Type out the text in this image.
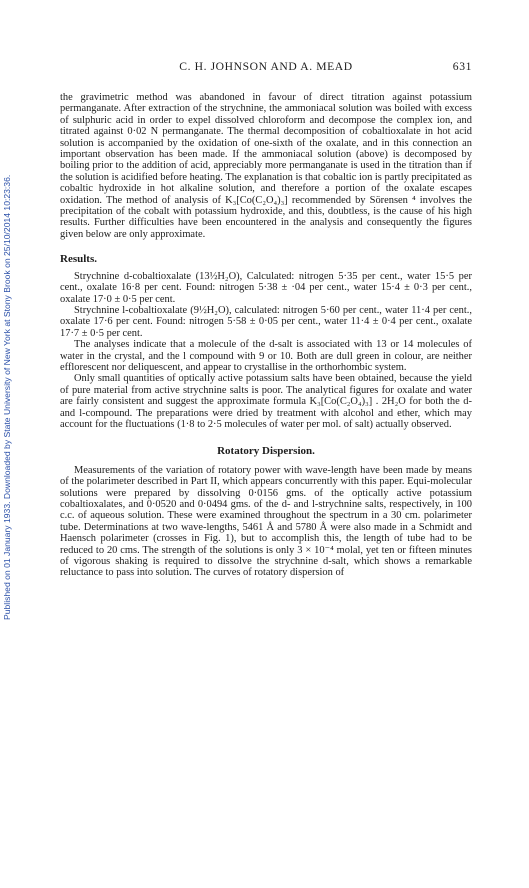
Published on 01 January 1933. Downloaded by State University of New York at Stony Brook on 25/10/2014 10:23:36.
C. H. JOHNSON AND A. MEAD	631

the gravimetric method was abandoned in favour of direct titration against potassium permanganate. After extraction of the strychnine, the ammoniacal solution was boiled with excess of sulphuric acid in order to expel dissolved chloroform and decompose the complex ion, and titrated against 0·02 N permanganate. The thermal decomposition of cobaltioxalate in hot acid solution is accompanied by the oxidation of one-sixth of the oxalate, and in this connection an important observation has been made. If the ammoniacal solution (above) is decomposed by boiling prior to the addition of acid, appreciably more permanganate is used in the titration than if the solution is acidified before heating. The explanation is that cobaltic ion is partly precipitated as cobaltic hydroxide in hot alkaline solution, and therefore a portion of the oxalate escapes oxidation. The method of analysis of K₃[Co(C₂O₄)₃] recommended by Sörensen ⁴ involves the precipitation of the cobalt with potassium hydroxide, and this, doubtless, is the cause of his high results. Further difficulties have been encountered in the analysis and consequently the figures given below are only approximate.

Results.

Strychnine d-cobaltioxalate (13½H₂O), Calculated: nitrogen 5·35 per cent., water 15·5 per cent., oxalate 16·8 per cent. Found: nitrogen 5·38 ± ·04 per cent., water 15·4 ± 0·3 per cent., oxalate 17·0 ± 0·5 per cent.

Strychnine l-cobaltioxalate (9½H₂O), calculated: nitrogen 5·60 per cent., water 11·4 per cent., oxalate 17·6 per cent. Found: nitrogen 5·58 ± 0·05 per cent., water 11·4 ± 0·4 per cent., oxalate 17·7 ± 0·5 per cent.

The analyses indicate that a molecule of the d-salt is associated with 13 or 14 molecules of water in the crystal, and the l compound with 9 or 10. Both are dull green in colour, are neither efflorescent nor deliquescent, and appear to crystallise in the orthorhombic system.

Only small quantities of optically active potassium salts have been obtained, because the yield of pure material from active strychnine salts is poor. The analytical figures for oxalate and water are fairly consistent and suggest the approximate formula K₃[Co(C₂O₄)₃] . 2H₂O for both the d- and l-compound. The preparations were dried by treatment with alcohol and ether, which may account for the fluctuations (1·8 to 2·5 molecules of water per mol. of salt) actually observed.

Rotatory Dispersion.

Measurements of the variation of rotatory power with wave-length have been made by means of the polarimeter described in Part II, which appears concurrently with this paper. Equi-molecular solutions were prepared by dissolving 0·0156 gms. of the optically active potassium cobaltioxalates, and 0·0520 and 0·0494 gms. of the d- and l-strychnine salts, respectively, in 100 c.c. of aqueous solution. These were examined throughout the spectrum in a 30 cm. polarimeter tube. Determinations at two wave-lengths, 5461 Å and 5780 Å were also made in a Schmidt and Haensch polarimeter (crosses in Fig. 1), but to accomplish this, the length of tube had to be reduced to 20 cms. The strength of the solutions is only 3 × 10⁻⁴ molal, yet ten or fifteen minutes of vigorous shaking is required to dissolve the strychnine d-salt, which shows a remarkable reluctance to pass into solution. The curves of rotatory dispersion of
